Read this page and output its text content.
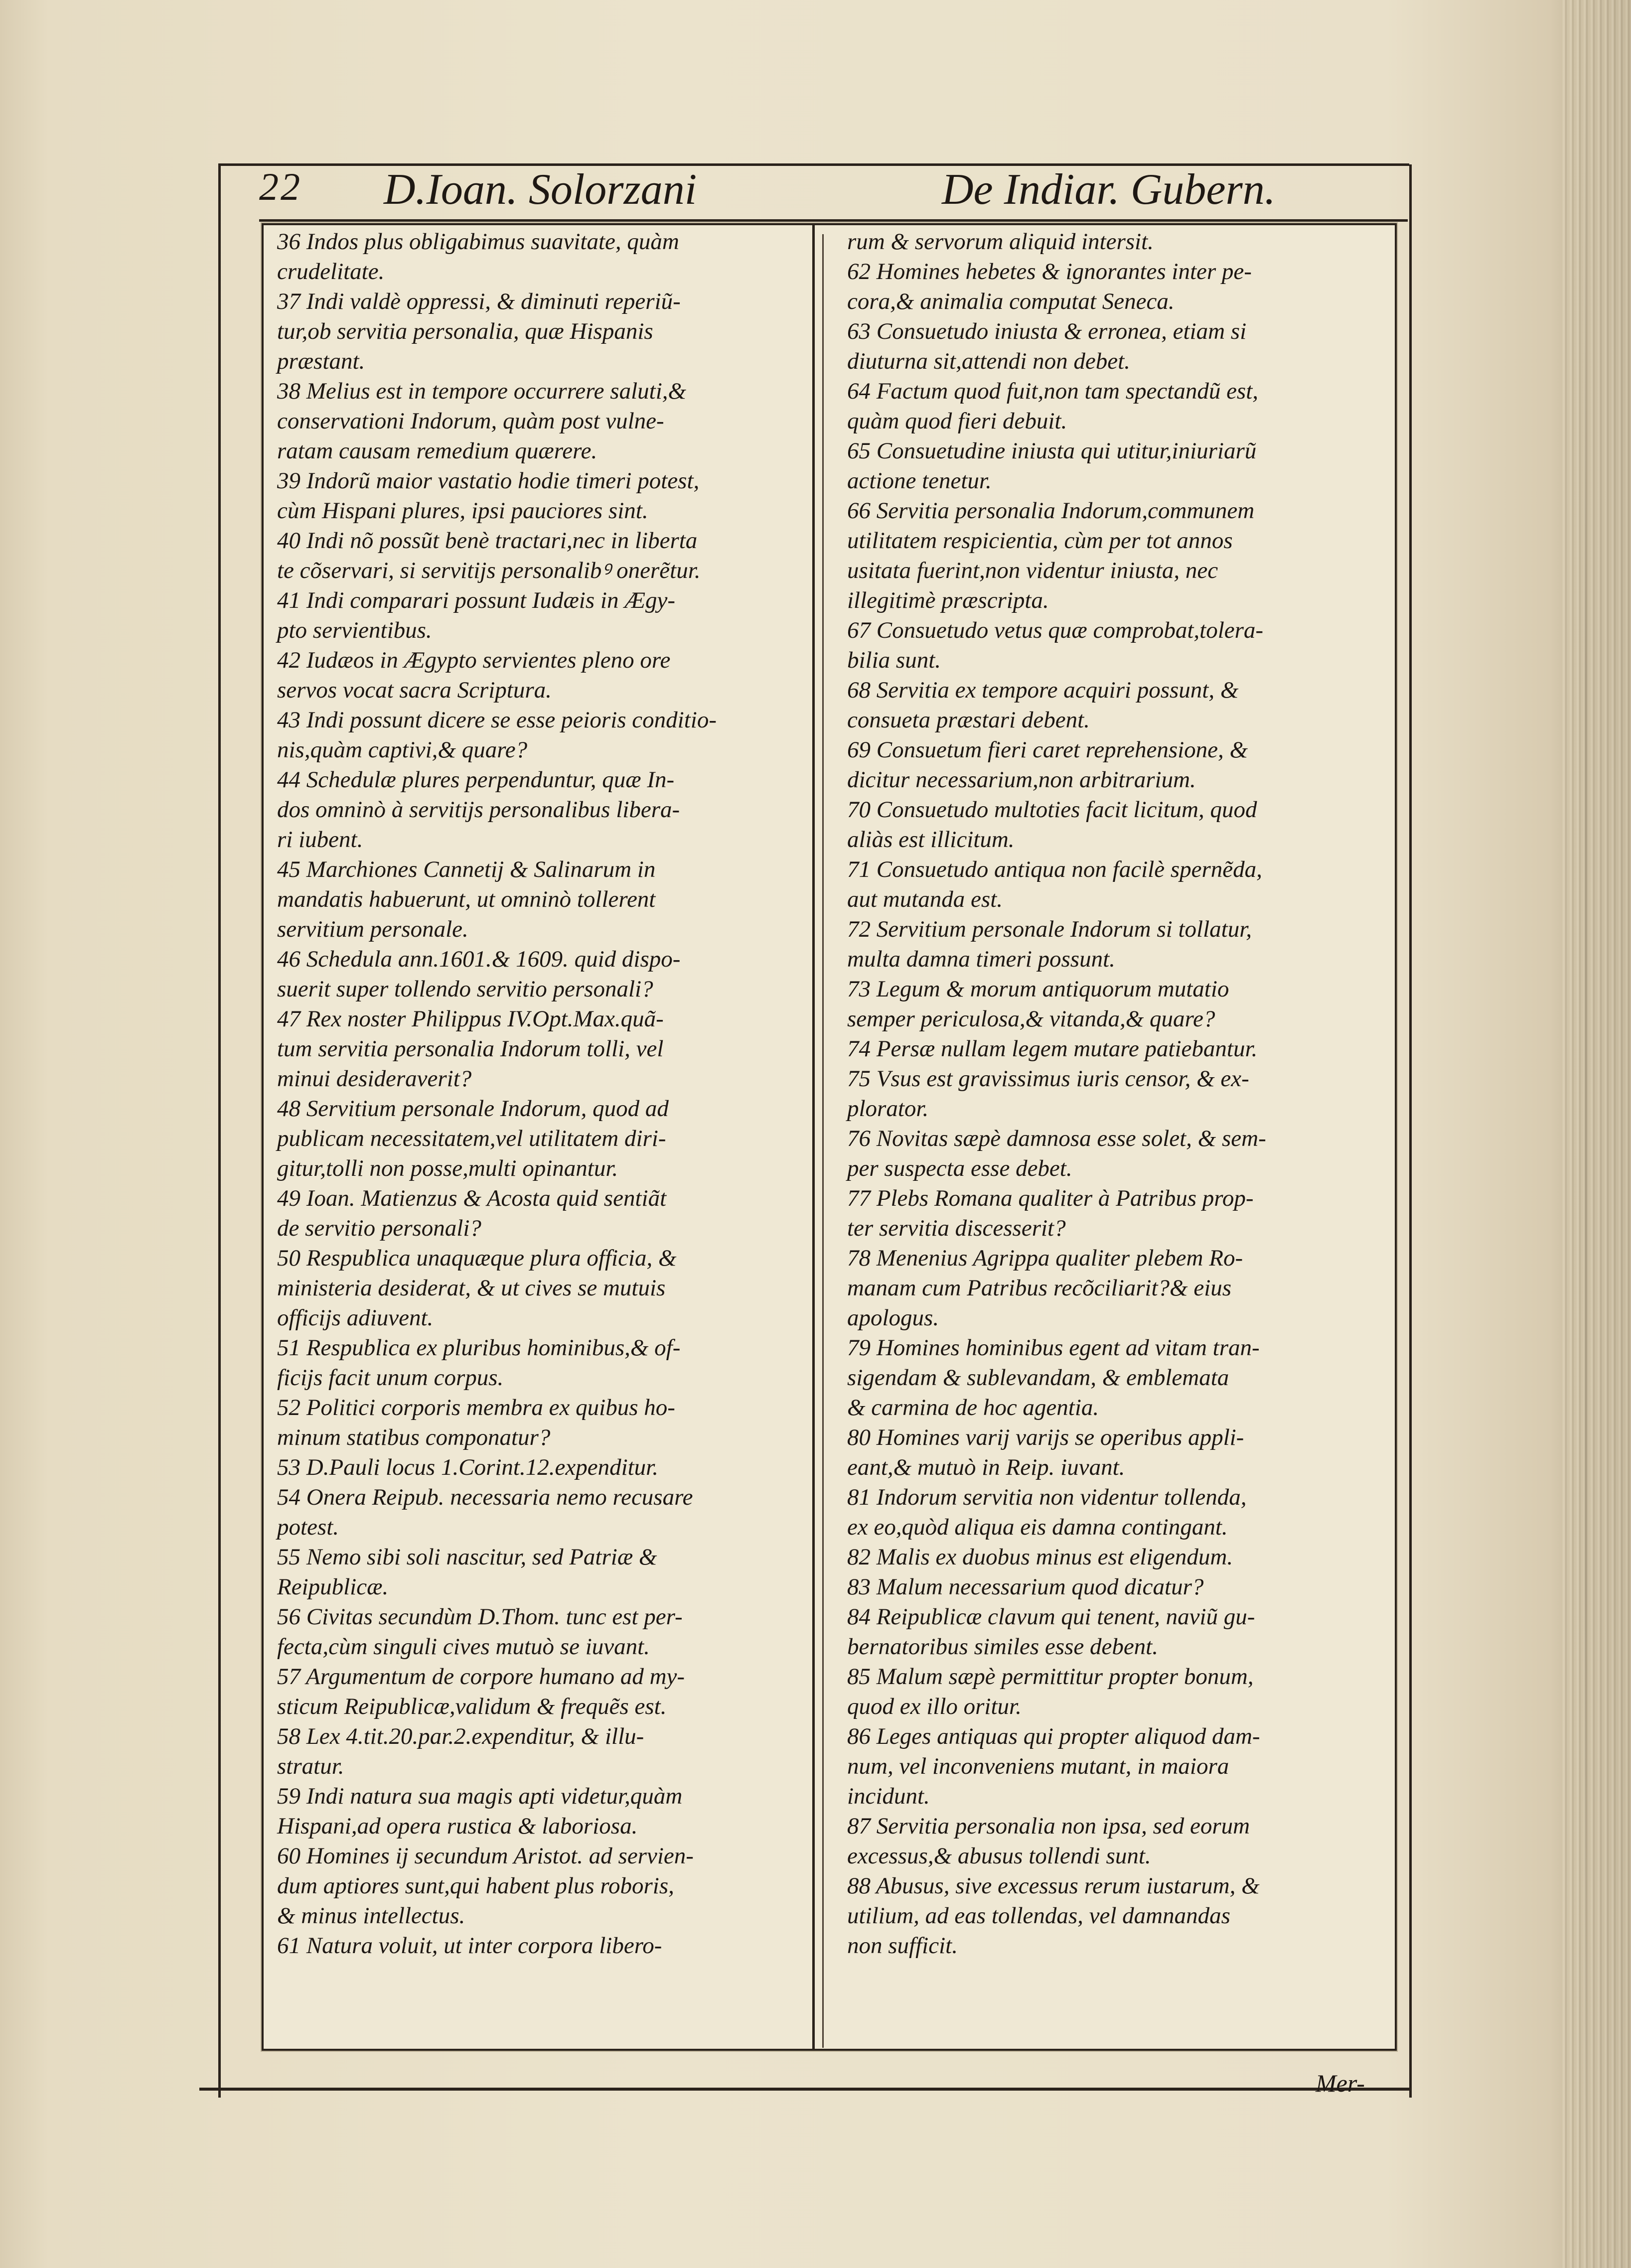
22 D.Ioan. Solorzani	De Indiar. Gubern.

36 Indos plus obligabimus suavitate, quàm
crudelitate.

37 Indi valdè oppressi, & diminuti reperiũ-
tur,ob servitia personalia, quæ Hispanis
præstant.

38 Melius est in tempore occurrere saluti,&
conservationi Indorum, quàm post vulne-
ratam causam remedium quærere.

39 Indorũ maior vastatio hodie timeri potest,
cùm Hispani plures, ipsi pauciores sint.

40 Indi nõ possũt benè tractari,nec in liberta
te cõservari, si servitijs personalibꝰ onerẽtur.

41 Indi comparari possunt Iudæis in Ægy-
pto servientibus.

42 Iudæos in Ægypto servientes pleno ore
servos vocat sacra Scriptura.

43 Indi possunt dicere se esse peioris conditio-
nis,quàm captivi,& quare?

44 Schedulæ plures perpenduntur, quæ In-
dos omninò à servitijs personalibus libera-
ri iubent.

45 Marchiones Cannetij & Salinarum in
mandatis habuerunt, ut omninò tollerent
servitium personale.

46 Schedula ann.1601.& 1609. quid dispo-
suerit super tollendo servitio personali?

47 Rex noster Philippus IV.Opt.Max.quã-
tum servitia personalia Indorum tolli, vel
minui desideraverit?

48 Servitium personale Indorum, quod ad
publicam necessitatem,vel utilitatem diri-
gitur,tolli non posse,multi opinantur.

49 Ioan. Matienzus & Acosta quid sentiãt
de servitio personali?

50 Respublica unaquæque plura officia, &
ministeria desiderat, & ut cives se mutuis
officijs adiuvent.

51 Respublica ex pluribus hominibus,& of-
ficijs facit unum corpus.

52 Politici corporis membra ex quibus ho-
minum statibus componatur?

53 D.Pauli locus 1.Corint.12.expenditur.

54 Onera Reipub. necessaria nemo recusare
potest.

55 Nemo sibi soli nascitur, sed Patriæ &
Reipublicæ.

56 Civitas secundùm D.Thom. tunc est per-
fecta,cùm singuli cives mutuò se iuvant.

57 Argumentum de corpore humano ad my-
sticum Reipublicæ,validum & frequẽs est.

58 Lex 4.tit.20.par.2.expenditur, & illu-
stratur.

59 Indi natura sua magis apti videtur,quàm
Hispani,ad opera rustica & laboriosa.

60 Homines ij secundum Aristot. ad servien-
dum aptiores sunt,qui habent plus roboris,
& minus intellectus.

61 Natura voluit, ut inter corpora libero-

rum & servorum aliquid intersit.

62 Homines hebetes & ignorantes inter pe-
cora,& animalia computat Seneca.

63 Consuetudo iniusta & erronea, etiam si
diuturna sit,attendi non debet.

64 Factum quod fuit,non tam spectandũ est,
quàm quod fieri debuit.

65 Consuetudine iniusta qui utitur,iniuriarũ
actione tenetur.

66 Servitia personalia Indorum,communem
utilitatem respicientia, cùm per tot annos
usitata fuerint,non videntur iniusta, nec
illegitimè præscripta.

67 Consuetudo vetus quæ comprobat,tolera-
bilia sunt.

68 Servitia ex tempore acquiri possunt, &
consueta præstari debent.

69 Consuetum fieri caret reprehensione, &
dicitur necessarium,non arbitrarium.

70 Consuetudo multoties facit licitum, quod
aliàs est illicitum.

71 Consuetudo antiqua non facilè spernẽda,
aut mutanda est.

72 Servitium personale Indorum si tollatur,
multa damna timeri possunt.

73 Legum & morum antiquorum mutatio
semper periculosa,& vitanda,& quare?

74 Persæ nullam legem mutare patiebantur.

75 Vsus est gravissimus iuris censor, & ex-
plorator.

76 Novitas sæpè damnosa esse solet, & sem-
per suspecta esse debet.

77 Plebs Romana qualiter à Patribus prop-
ter servitia discesserit?

78 Menenius Agrippa qualiter plebem Ro-
manam cum Patribus recõciliarit?& eius
apologus.

79 Homines hominibus egent ad vitam tran-
sigendam & sublevandam, & emblemata
& carmina de hoc agentia.

80 Homines varij varijs se operibus appli-
eant,& mutuò in Reip. iuvant.

81 Indorum servitia non videntur tollenda,
ex eo,quòd aliqua eis damna contingant.

82 Malis ex duobus minus est eligendum.

83 Malum necessarium quod dicatur?

84 Reipublicæ clavum qui tenent, naviũ gu-
bernatoribus similes esse debent.

85 Malum sæpè permittitur propter bonum,
quod ex illo oritur.

86 Leges antiquas qui propter aliquod dam-
num, vel inconveniens mutant, in maiora
incidunt.

87 Servitia personalia non ipsa, sed eorum
excessus,& abusus tollendi sunt.

88 Abusus, sive excessus rerum iustarum, &
utilium, ad eas tollendas, vel damnandas
non sufficit.

Mer-
